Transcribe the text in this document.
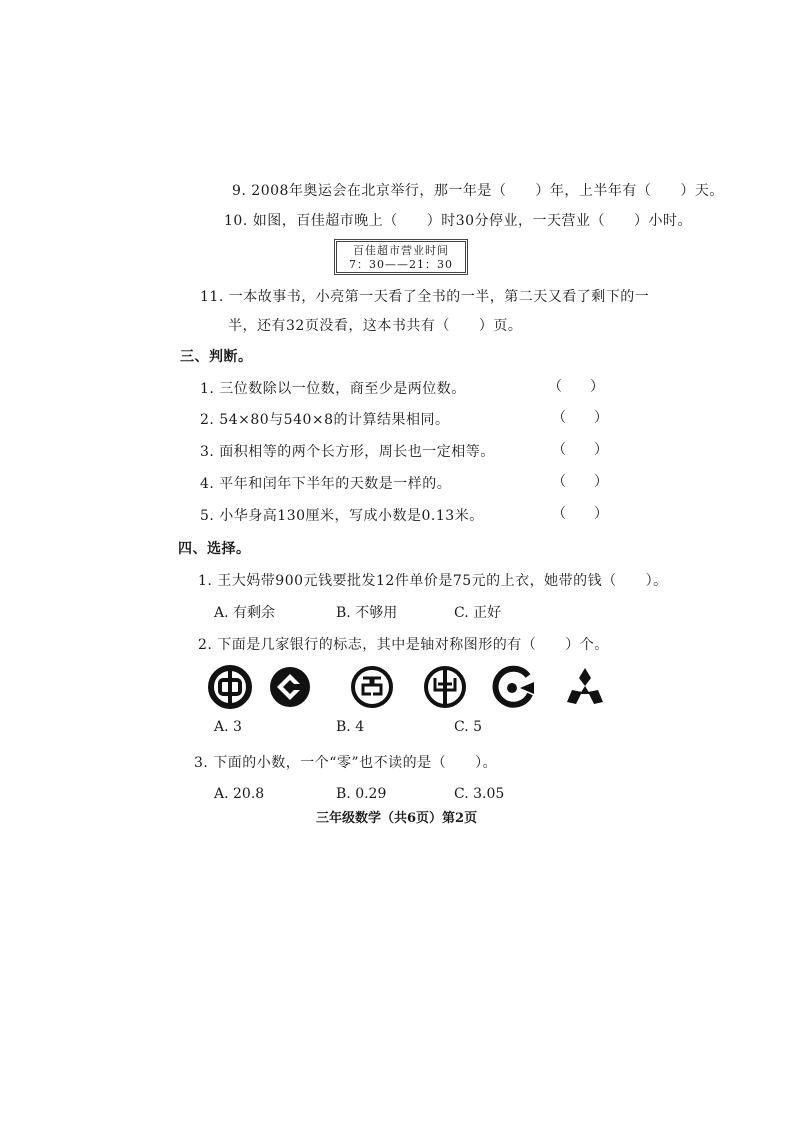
9. 2008年奥运会在北京举行，那一年是（　　）年，上半年有（　　）天。
10. 如图，百佳超市晚上（　　）时30分停业，一天营业（　　）小时。
百佳超市营业时间
7：30——21：30
11. 一本故事书，小亮第一天看了全书的一半，第二天又看了剩下的一
半，还有32页没看，这本书共有（　　）页。
三、判断。
1. 三位数除以一位数，商至少是两位数。	（　　）
2. 54×80与540×8的计算结果相同。	（　　）
3. 面积相等的两个长方形，周长也一定相等。	（　　）
4. 平年和闰年下半年的天数是一样的。	（　　）
5. 小华身高130厘米，写成小数是0.13米。	（　　）
四、选择。
1. 王大妈带900元钱要批发12件单价是75元的上衣，她带的钱（　　）。
A. 有剩余	B. 不够用	C. 正好
2. 下面是几家银行的标志，其中是轴对称图形的有（　　）个。
A. 3	B. 4	C. 5
3. 下面的小数，一个“零”也不读的是（　　）。
A. 20.8	B. 0.29	C. 3.05
三年级数学（共6页）第2页
